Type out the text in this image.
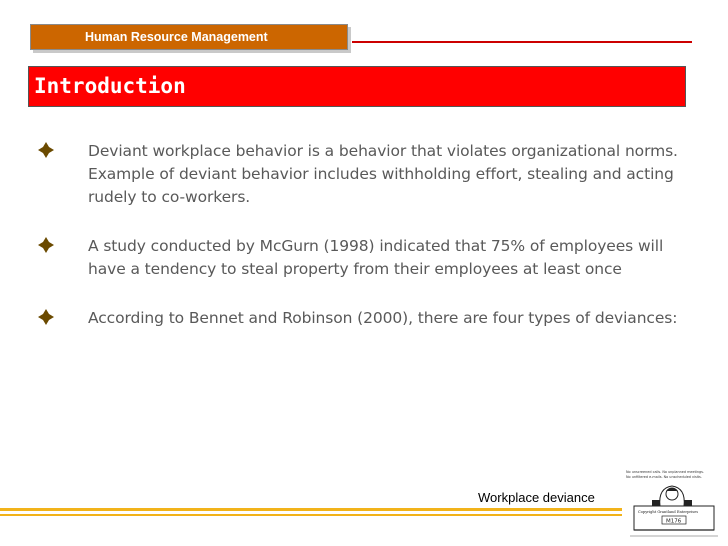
Human Resource Management
Introduction
Deviant workplace behavior is a behavior that violates organizational norms. Example of deviant behavior includes withholding effort, stealing and acting rudely to co-workers.
A study conducted by McGurn (1998) indicated that 75% of employees will have a tendency to steal property from their employees at least once
According to Bennet and Robinson (2000), there are four types of deviances:
Workplace deviance
No unscreened calls. No unplanned meetings.
No unfiltered e-mails. No unscheduled visits.
Copyright Grantland Enterprises
M176
